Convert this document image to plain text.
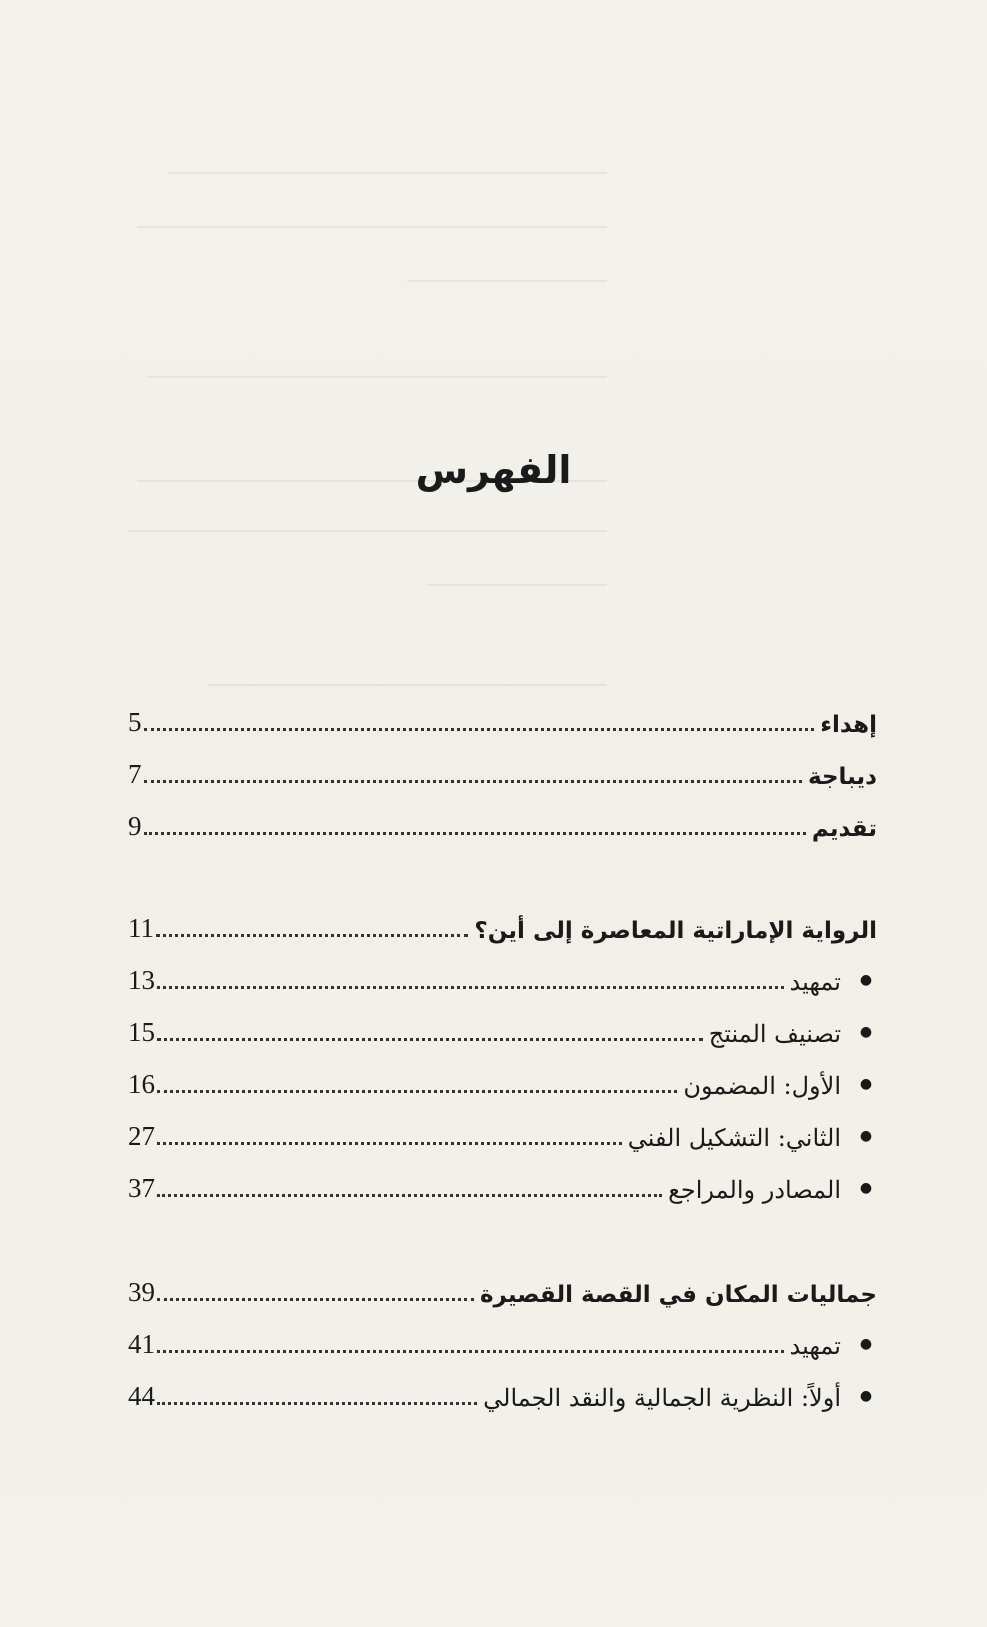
الفهرس
إهداء
5
ديباجة
7
تقديم
9
الرواية الإماراتية المعاصرة إلى أين؟
11
●
تمهيد
13
●
تصنيف المنتج
15
●
الأول: المضمون
16
●
الثاني: التشكيل الفني
27
●
المصادر والمراجع
37
جماليات المكان في القصة القصيرة
39
●
تمهيد
41
●
أولاً: النظرية الجمالية والنقد الجمالي
44
